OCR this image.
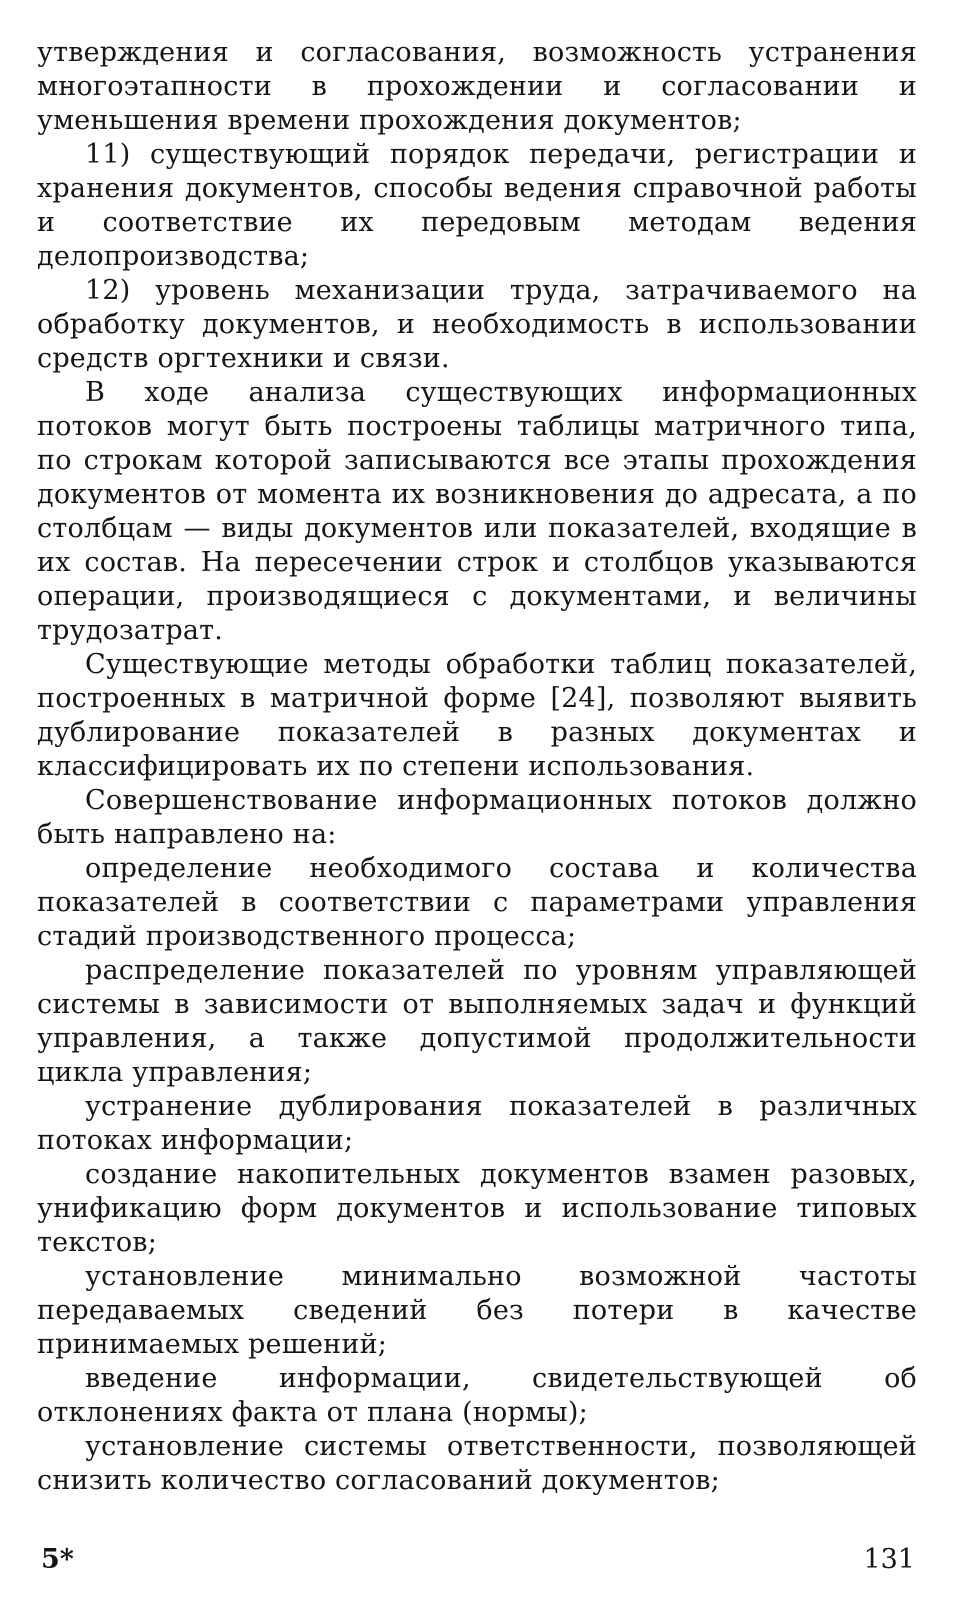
утверждения и согласования, возможность устранения многоэтапности в прохождении и согласовании и уменьшения времени прохождения документов;

11) существующий порядок передачи, регистрации и хранения документов, способы ведения справочной работы и соответствие их передовым методам ведения делопроизводства;

12) уровень механизации труда, затрачиваемого на обработку документов, и необходимость в использовании средств оргтехники и связи.

В ходе анализа существующих информационных потоков могут быть построены таблицы матричного типа, по строкам которой записываются все этапы прохождения документов от момента их возникновения до адресата, а по столбцам — виды документов или показателей, входящие в их состав. На пересечении строк и столбцов указываются операции, производящиеся с документами, и величины трудозатрат.

Существующие методы обработки таблиц показателей, построенных в матричной форме [24], позволяют выявить дублирование показателей в разных документах и классифицировать их по степени использования.

Совершенствование информационных потоков должно быть направлено на:

определение необходимого состава и количества показателей в соответствии с параметрами управления стадий производственного процесса;

распределение показателей по уровням управляющей системы в зависимости от выполняемых задач и функций управления, а также допустимой продолжительности цикла управления;

устранение дублирования показателей в различных потоках информации;

создание накопительных документов взамен разовых, унификацию форм документов и использование типовых текстов;

установление минимально возможной частоты передаваемых сведений без потери в качестве принимаемых решений;

введение информации, свидетельствующей об отклонениях факта от плана (нормы);

установление системы ответственности, позволяющей снизить количество согласований документов;

5*	131
